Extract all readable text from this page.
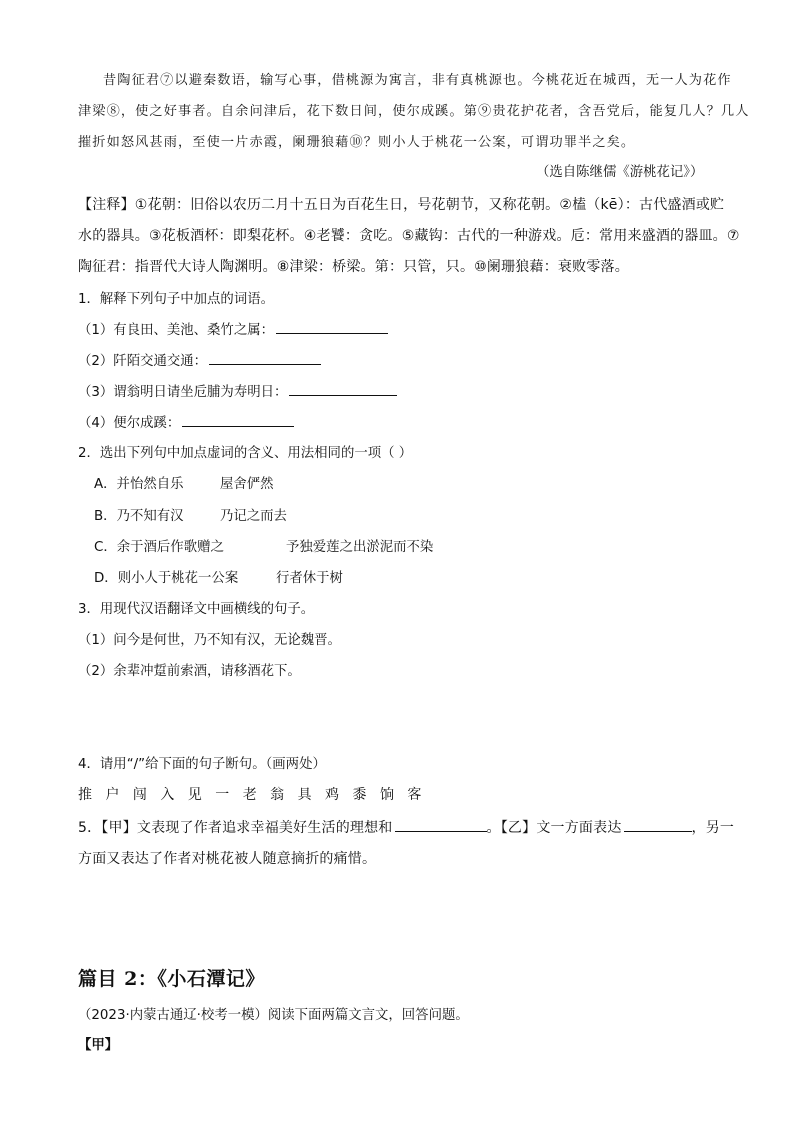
昔陶征君⑦以避秦数语，输写心事，借桃源为寓言，非有真桃源也。今桃花近在城西，无一人为花作
津梁⑧，使之好事者。自余问津后，花下数日间，使尔成蹊。第⑨贵花护花者，含吾党后，能复几人？几人
摧折如怒风甚雨，至使一片赤霞，阑珊狼藉⑩？则小人于桃花一公案，可谓功罪半之矣。
（选自陈继儒《游桃花记》）
【注释】①花朝：旧俗以农历二月十五日为百花生日，号花朝节，又称花朝。②榼（kē）：古代盛酒或贮
水的器具。③花板酒杯：即梨花杯。④老饕：贪吃。⑤藏钩：古代的一种游戏。卮：常用来盛酒的器皿。⑦
陶征君：指晋代大诗人陶渊明。⑧津梁：桥梁。第：只管，只。⑩阑珊狼藉：衰败零落。
1．解释下列句子中加点的词语。
（1）有良田、美池、桑竹之属：
（2）阡陌交通交通：
（3）谓翁明日请坐卮脯为寿明日：
（4）便尔成蹊：
2．选出下列句中加点虚词的含义、用法相同的一项（ ）
A．并怡然自乐	屋舍俨然
B．乃不知有汉	乃记之而去
C．余于酒后作歌赠之	予独爱莲之出淤泥而不染
D．则小人于桃花一公案	行者休于树
3．用现代汉语翻译文中画横线的句子。
（1）问今是何世，乃不知有汉，无论魏晋。
（2）余辈冲踅前索酒，请移酒花下。
4．请用“/”给下面的句子断句。（画两处）
推 户 闯 入 见 一 老 翁 具 鸡 黍 饷 客
5．【甲】文表现了作者追求幸福美好生活的理想和	。【乙】文一方面表达	，另一
方面又表达了作者对桃花被人随意摘折的痛惜。
篇目 2：《小石潭记》
（2023·内蒙古通辽·校考一模）阅读下面两篇文言文，回答问题。
【甲】
